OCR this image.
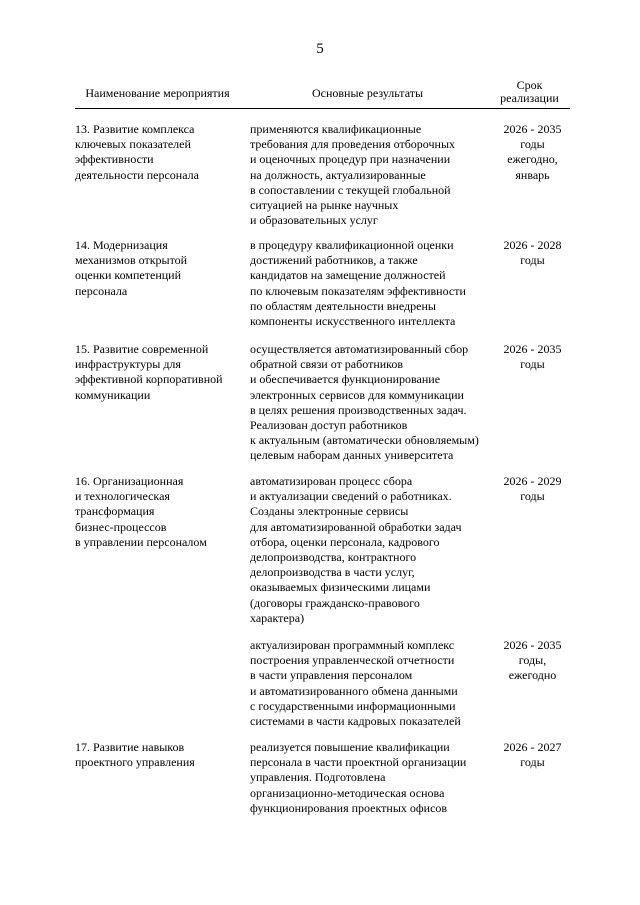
5
Наименование мероприятия	Основные результаты
Срок
реализации
13. Развитие комплекса
ключевых показателей
эффективности
деятельности персонала
применяются квалификационные
требования для проведения отборочных
и оценочных процедур при назначении
на должность, актуализированные
в сопоставлении с текущей глобальной
ситуацией на рынке научных
и образовательных услуг
2026 - 2035
годы
ежегодно,
январь
14. Модернизация
механизмов открытой
оценки компетенций
персонала
в процедуру квалификационной оценки
достижений работников, а также
кандидатов на замещение должностей
по ключевым показателям эффективности
по областям деятельности внедрены
компоненты искусственного интеллекта
2026 - 2028
годы
15. Развитие современной
инфраструктуры для
эффективной корпоративной
коммуникации
осуществляется автоматизированный сбор
обратной связи от работников
и обеспечивается функционирование
электронных сервисов для коммуникации
в целях решения производственных задач.
Реализован доступ работников
к актуальным (автоматически обновляемым)
целевым наборам данных университета
2026 - 2035
годы
16. Организационная
и технологическая
трансформация
бизнес-процессов
в управлении персоналом
автоматизирован процесс сбора
и актуализации сведений о работниках.
Созданы электронные сервисы
для автоматизированной обработки задач
отбора, оценки персонала, кадрового
делопроизводства, контрактного
делопроизводства в части услуг,
оказываемых физическими лицами
(договоры гражданско-правового
характера)
2026 - 2029
годы
актуализирован программный комплекс
построения управленческой отчетности
в части управления персоналом
и автоматизированного обмена данными
с государственными информационными
системами в части кадровых показателей
2026 - 2035
годы,
ежегодно
17. Развитие навыков
проектного управления
реализуется повышение квалификации
персонала в части проектной организации
управления. Подготовлена
организационно-методическая основа
функционирования проектных офисов
2026 - 2027
годы
